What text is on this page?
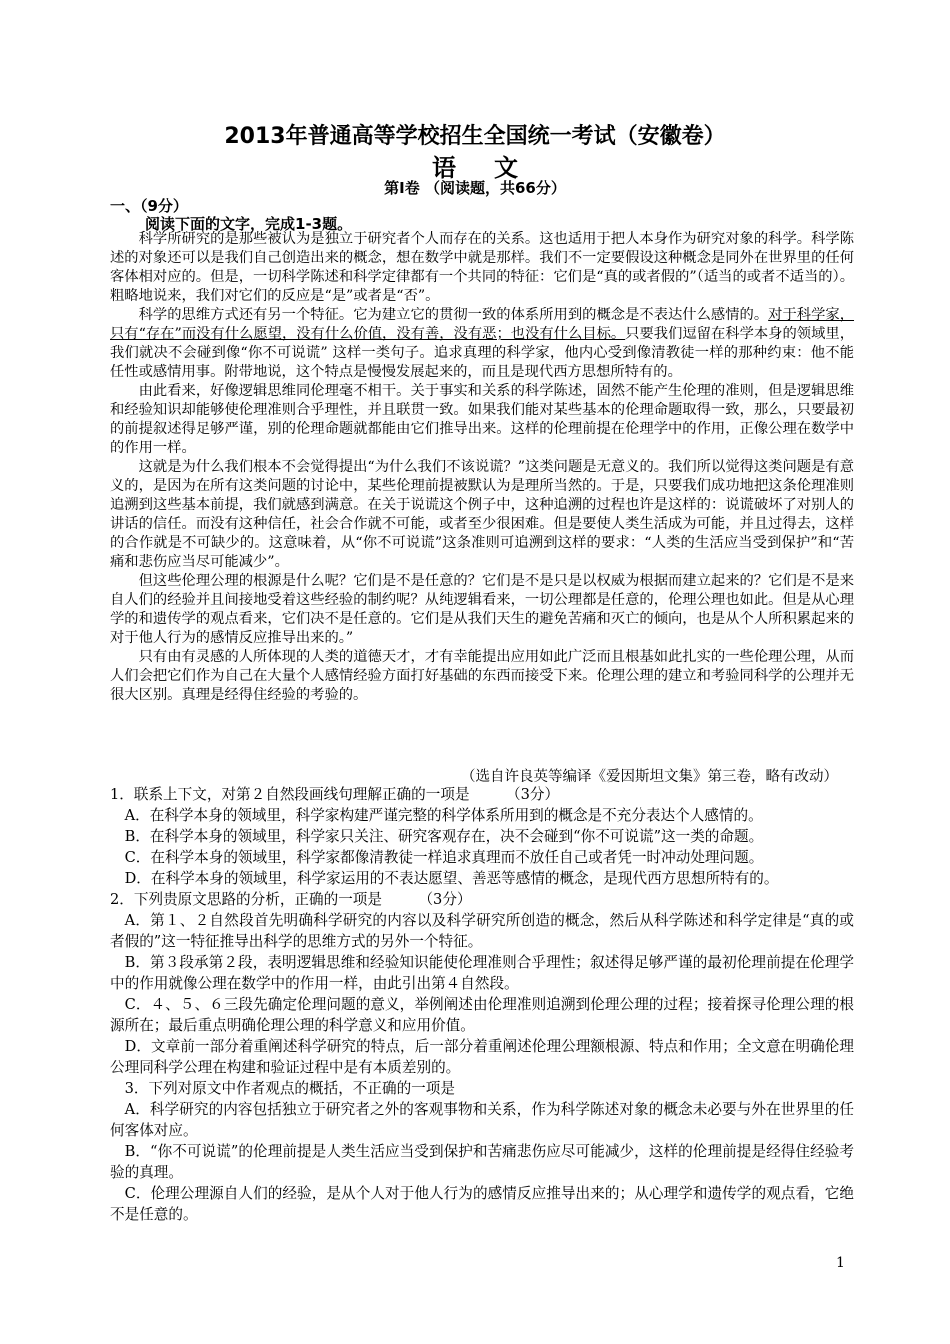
2013年普通高等学校招生全国统一考试（安徽卷）
语文
第Ⅰ卷 （阅读题，共66分）
一、（9分）
阅读下面的文字，完成1-3题。

科学所研究的是那些被认为是独立于研究者个人而存在的关系。这也适用于把人本身作为研究对象的科学。科学陈述的对象还可以是我们自己创造出来的概念，想在数学中就是那样。我们不一定要假设这种概念是同外在世界里的任何客体相对应的。但是，一切科学陈述和科学定律都有一个共同的特征：它们是“真的或者假的”（适当的或者不适当的）。粗略地说来，我们对它们的反应是“是”或者是“否”。

科学的思维方式还有另一个特征。它为建立它的贯彻一致的体系所用到的概念是不表达什么感情的。对于科学家，只有“存在”而没有什么愿望，没有什么价值，没有善，没有恶；也没有什么目标。只要我们逗留在科学本身的领域里，我们就决不会碰到像“你不可说谎” 这样一类句子。追求真理的科学家，他内心受到像清教徒一样的那种约束：他不能任性或感情用事。附带地说，这个特点是慢慢发展起来的，而且是现代西方思想所特有的。

由此看来，好像逻辑思维同伦理毫不相干。关于事实和关系的科学陈述，固然不能产生伦理的准则，但是逻辑思维和经验知识却能够使伦理准则合乎理性，并且联贯一致。如果我们能对某些基本的伦理命题取得一致，那么，只要最初的前提叙述得足够严谨，别的伦理命题就都能由它们推导出来。这样的伦理前提在伦理学中的作用，正像公理在数学中的作用一样。

这就是为什么我们根本不会觉得提出“为什么我们不该说谎？”这类问题是无意义的。我们所以觉得这类问题是有意义的，是因为在所有这类问题的讨论中，某些伦理前提被默认为是理所当然的。于是，只要我们成功地把这条伦理准则追溯到这些基本前提，我们就感到满意。在关于说谎这个例子中，这种追溯的过程也许是这样的：说谎破坏了对别人的讲话的信任。而没有这种信任，社会合作就不可能，或者至少很困难。但是要使人类生活成为可能，并且过得去，这样的合作就是不可缺少的。这意味着，从“你不可说谎”这条准则可追溯到这样的要求：“人类的生活应当受到保护”和“苦痛和悲伤应当尽可能减少”。

但这些伦理公理的根源是什么呢？它们是不是任意的？它们是不是只是以权威为根据而建立起来的？它们是不是来自人们的经验并且间接地受着这些经验的制约呢？从纯逻辑看来，一切公理都是任意的，伦理公理也如此。但是从心理学的和遗传学的观点看来，它们决不是任意的。它们是从我们天生的避免苦痛和灭亡的倾向，也是从个人所积累起来的对于他人行为的感情反应推导出来的。”

只有由有灵感的人所体现的人类的道德天才，才有幸能提出应用如此广泛而且根基如此扎实的一些伦理公理，从而人们会把它们作为自己在大量个人感情经验方面打好基础的东西而接受下来。伦理公理的建立和考验同科学的公理并无很大区别。真理是经得住经验的考验的。

（选自许良英等编译《爱因斯坦文集》第三卷，略有改动）
1．联系上下文，对第２自然段画线句理解正确的一项是　　　（3分）
A．在科学本身的领域里，科学家构建严谨完整的科学体系所用到的概念是不充分表达个人感情的。
B．在科学本身的领域里，科学家只关注、研究客观存在，决不会碰到“你不可说谎”这一类的命题。
C．在科学本身的领域里，科学家都像清教徒一样追求真理而不放任自己或者凭一时冲动处理问题。
D．在科学本身的领域里，科学家运用的不表达愿望、善恶等感情的概念，是现代西方思想所特有的。
2．下列贵原文思路的分析，正确的一项是　　　（3分）
A．第１、２自然段首先明确科学研究的内容以及科学研究所创造的概念，然后从科学陈述和科学定律是“真的或者假的”这一特征推导出科学的思维方式的另外一个特征。
B．第３段承第２段，表明逻辑思维和经验知识能使伦理准则合乎理性；叙述得足够严谨的最初伦理前提在伦理学中的作用就像公理在数学中的作用一样，由此引出第４自然段。
C．４、５、６三段先确定伦理问题的意义，举例阐述由伦理准则追溯到伦理公理的过程；接着探寻伦理公理的根源所在；最后重点明确伦理公理的科学意义和应用价值。
D．文章前一部分着重阐述科学研究的特点，后一部分着重阐述伦理公理额根源、特点和作用；全文意在明确伦理公理同科学公理在构建和验证过程中是有本质差别的。
3．下列对原文中作者观点的概括，不正确的一项是
A．科学研究的内容包括独立于研究者之外的客观事物和关系，作为科学陈述对象的概念未必要与外在世界里的任何客体对应。
B．“你不可说谎”的伦理前提是人类生活应当受到保护和苦痛悲伤应尽可能减少，这样的伦理前提是经得住经验考验的真理。
C．伦理公理源自人们的经验，是从个人对于他人行为的感情反应推导出来的；从心理学和遗传学的观点看，它绝不是任意的。
1
